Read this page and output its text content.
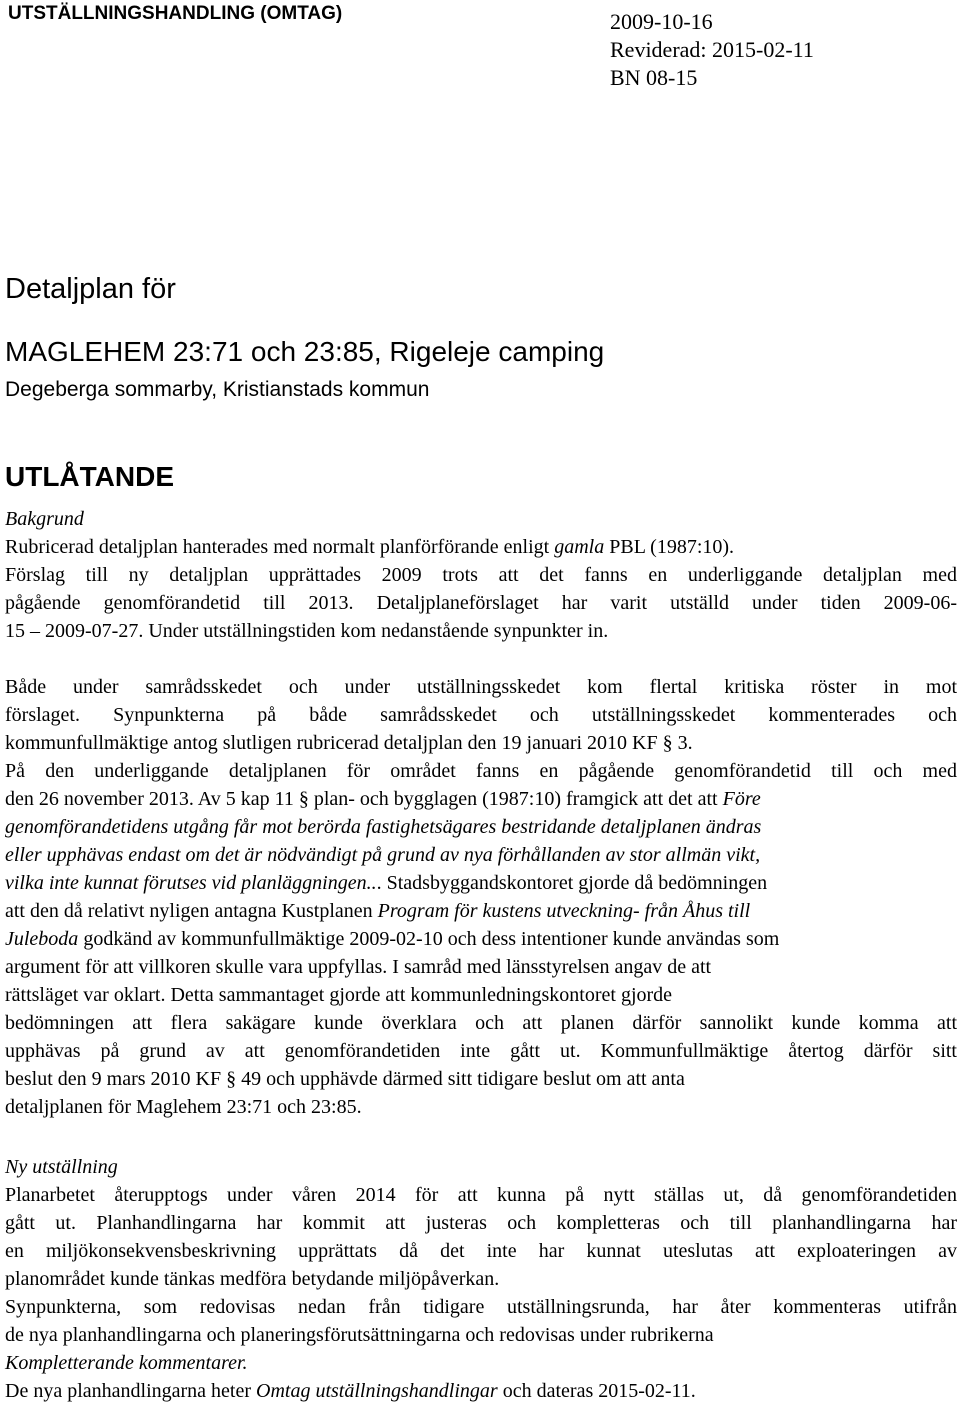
UTSTÄLLNINGSHANDLING (OMTAG)	2009-10-16
Reviderad: 2015-02-11
BN 08-15
Detaljplan för
MAGLEHEM 23:71 och 23:85, Rigeleje camping
Degeberga sommarby, Kristianstads kommun
UTLÅTANDE
Bakgrund
Rubricerad detaljplan hanterades med normalt planförförande enligt gamla PBL (1987:10).
Förslag till ny detaljplan upprättades 2009 trots att det fanns en underliggande detaljplan med
pågående genomförandetid till 2013. Detaljplaneförslaget har varit utställd under tiden 2009-06-
15 – 2009-07-27. Under utställningstiden kom nedanstående synpunkter in.
Både under samrådsskedet och under utställningsskedet kom flertal kritiska röster in mot
förslaget. Synpunkterna på både samrådsskedet och utställningsskedet kommenterades och
kommunfullmäktige antog slutligen rubricerad detaljplan den 19 januari 2010 KF § 3.
På den underliggande detaljplanen för området fanns en pågående genomförandetid till och med
den 26 november 2013. Av 5 kap 11 § plan- och bygglagen (1987:10) framgick att det att Före
genomförandetidens utgång får mot berörda fastighetsägares bestridande detaljplanen ändras
eller upphävas endast om det är nödvändigt på grund av nya förhållanden av stor allmän vikt,
vilka inte kunnat förutses vid planläggningen... Stadsbyggandskontoret gjorde då bedömningen
att den då relativt nyligen antagna Kustplanen Program för kustens utveckning- från Åhus till
Juleboda godkänd av kommunfullmäktige 2009-02-10 och dess intentioner kunde användas som
argument för att villkoren skulle vara uppfyllas. I samråd med länsstyrelsen angav de att
rättsläget var oklart. Detta sammantaget gjorde att kommunledningskontoret gjorde
bedömningen att flera sakägare kunde överklara och att planen därför sannolikt kunde komma att
upphävas på grund av att genomförandetiden inte gått ut. Kommunfullmäktige återtog därför sitt
beslut den 9 mars 2010 KF § 49 och upphävde därmed sitt tidigare beslut om att anta
detaljplanen för Maglehem 23:71 och 23:85.
Ny utställning
Planarbetet återupptogs under våren 2014 för att kunna på nytt ställas ut, då genomförandetiden
gått ut. Planhandlingarna har kommit att justeras och kompletteras och till planhandlingarna har
en miljökonsekvensbeskrivning upprättats då det inte har kunnat uteslutas att exploateringen av
planområdet kunde tänkas medföra betydande miljöpåverkan.
Synpunkterna, som redovisas nedan från tidigare utställningsrunda, har åter kommenteras utifrån
de nya planhandlingarna och planeringsförutsättningarna och redovisas under rubrikerna
Kompletterande kommentarer.
De nya planhandlingarna heter Omtag utställningshandlingar och dateras 2015-02-11.
